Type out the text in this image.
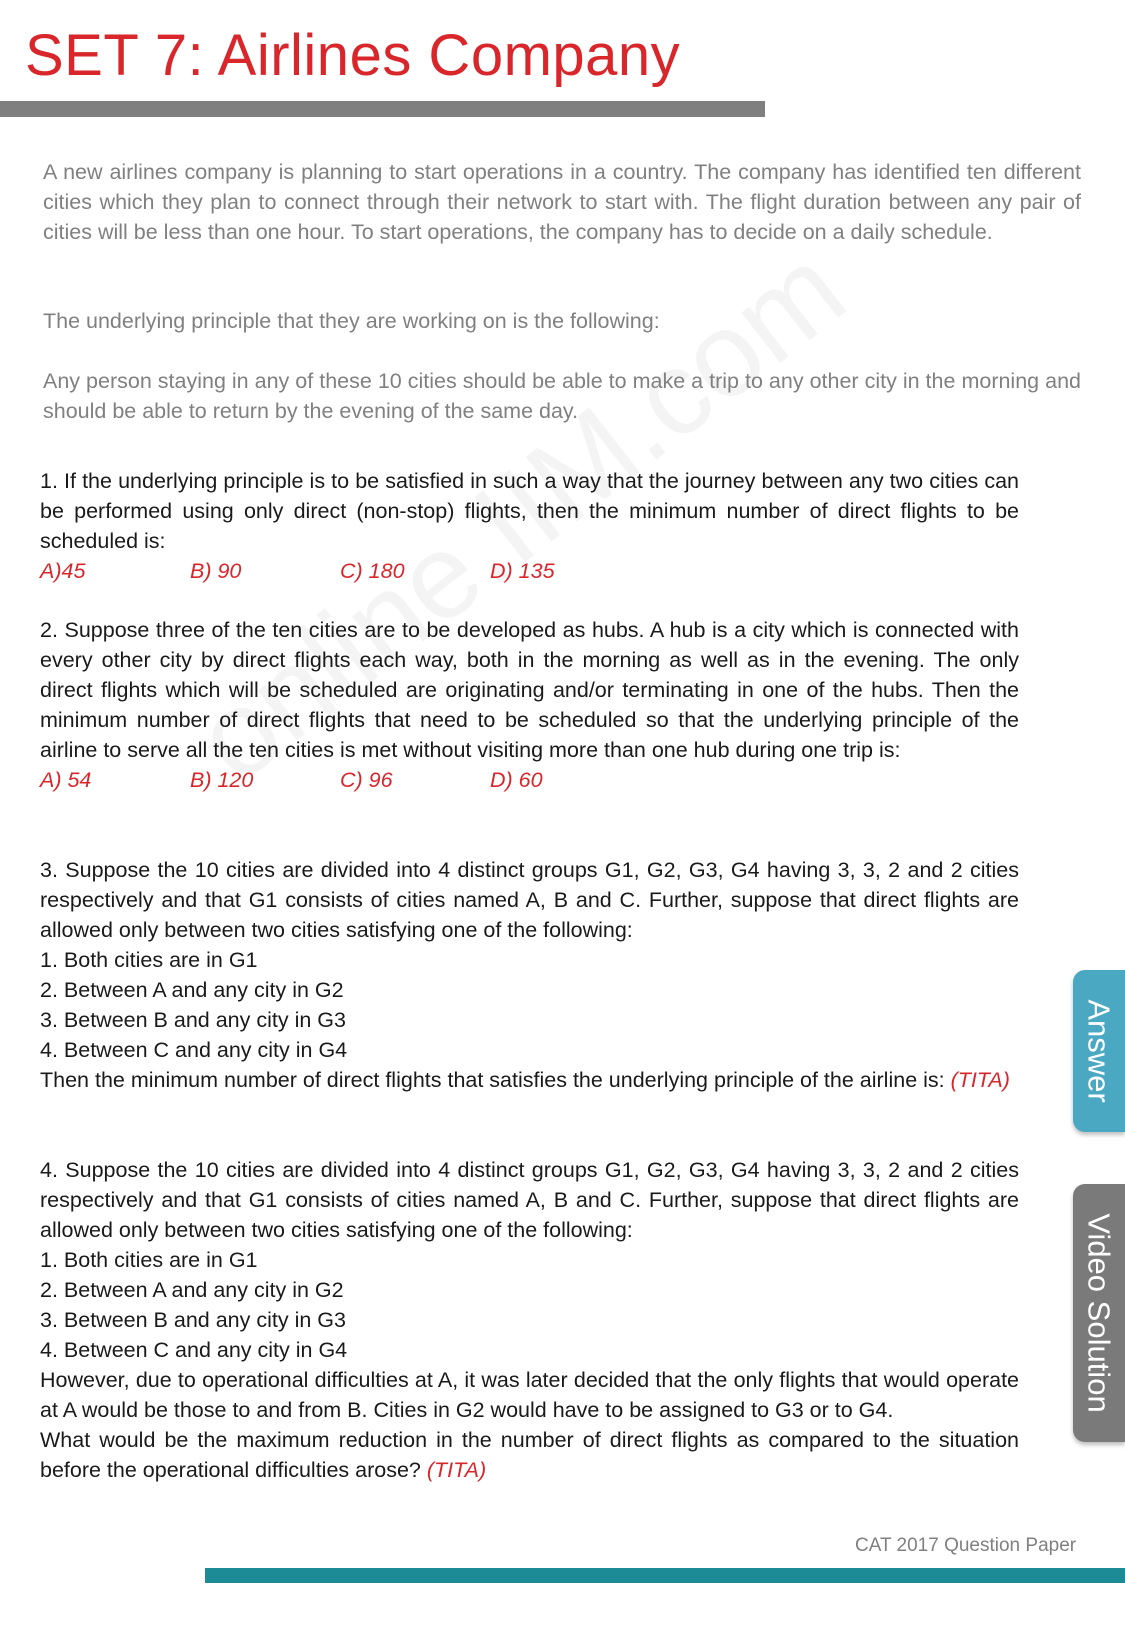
SET 7: Airlines Company

A new airlines company is planning to start operations in a country. The company has identified ten different cities which they plan to connect through their network to start with. The flight duration between any pair of cities will be less than one hour. To start operations, the company has to decide on a daily schedule.

The underlying principle that they are working on is the following:

Any person staying in any of these 10 cities should be able to make a trip to any other city in the morning and should be able to return by the evening of the same day.

1. If the underlying principle is to be satisfied in such a way that the journey between any two cities can be performed using only direct (non-stop) flights, then the minimum number of direct flights to be scheduled is:

A)45	B) 90	C) 180	D) 135

2. Suppose three of the ten cities are to be developed as hubs. A hub is a city which is connected with every other city by direct flights each way, both in the morning as well as in the evening. The only direct flights which will be scheduled are originating and/or terminating in one of the hubs. Then the minimum number of direct flights that need to be scheduled so that the underlying principle of the airline to serve all the ten cities is met without visiting more than one hub during one trip is:

A) 54	B) 120	C) 96	D) 60

3. Suppose the 10 cities are divided into 4 distinct groups G1, G2, G3, G4 having 3, 3, 2 and 2 cities respectively and that G1 consists of cities named A, B and C. Further, suppose that direct flights are allowed only between two cities satisfying one of the following:

1. Both cities are in G1
2. Between A and any city in G2
3. Between B and any city in G3
4. Between C and any city in G4

Then the minimum number of direct flights that satisfies the underlying principle of the airline is: (TITA)

4. Suppose the 10 cities are divided into 4 distinct groups G1, G2, G3, G4 having 3, 3, 2 and 2 cities respectively and that G1 consists of cities named A, B and C. Further, suppose that direct flights are allowed only between two cities satisfying one of the following:

1. Both cities are in G1
2. Between A and any city in G2
3. Between B and any city in G3
4. Between C and any city in G4

However, due to operational difficulties at A, it was later decided that the only flights that would operate at A would be those to and from B. Cities in G2 would have to be assigned to G3 or to G4.

What would be the maximum reduction in the number of direct flights as compared to the situation before the operational difficulties arose? (TITA)

Answer
Video Solution
CAT 2017 Question Paper
